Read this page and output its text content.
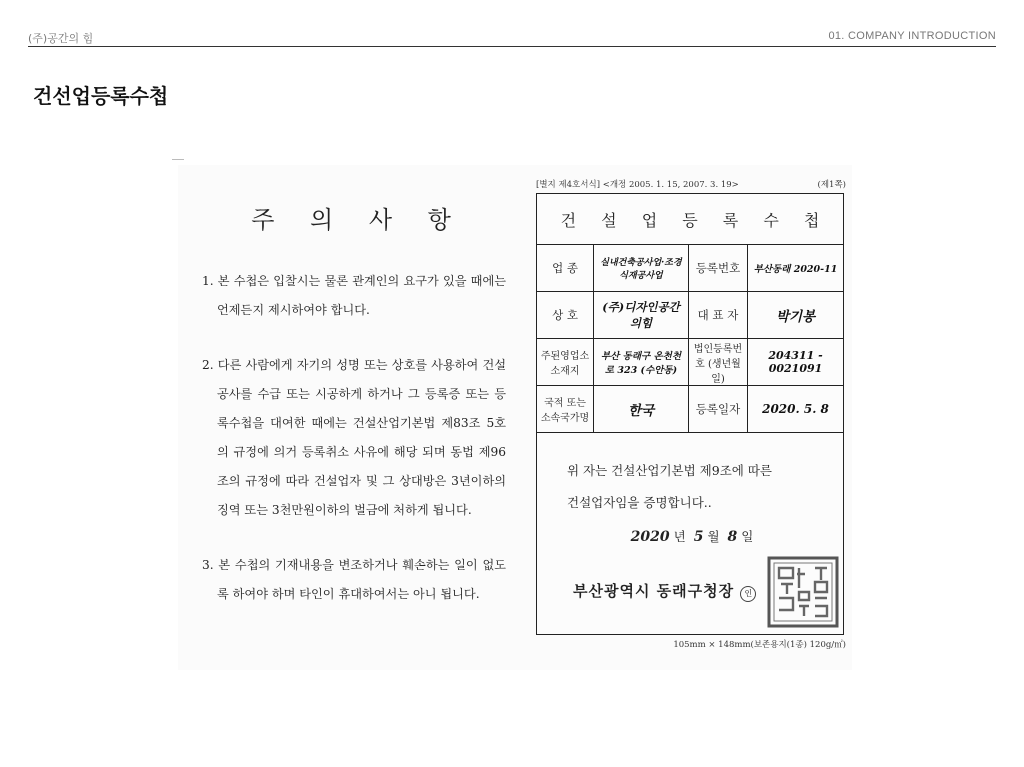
(주)공간의 힘	01. COMPANY INTRODUCTION
건선업등록수첩
주 의 사 항

1. 본 수첩은 입찰시는 물론 관계인의 요구가 있을 때에는 언제든지 제시하여야 합니다.

2. 다른 사람에게 자기의 성명 또는 상호를 사용하여 건설공사를 수급 또는 시공하게 하거나 그 등록증 또는 등록수첩을 대여한 때에는 건설산업기본법 제83조 5호의 규정에 의거 등록취소 사유에 해당 되며 동법 제96조의 규정에 따라 건설업자 및 그 상대방은 3년이하의 징역 또는 3천만원이하의 벌금에 처하게 됩니다.

3. 본 수첩의 기재내용을 변조하거나 훼손하는 일이 없도록 하여야 하며 타인이 휴대하여서는 아니 됩니다.

[별지 제4호서식] <개정 2005. 1. 15, 2007. 3. 19>	(제1쪽)
건 설 업 등 록 수 첩
업 종	실내건축공사업·조경식재공사업	등록번호	부산동래 2020-11
상 호	(주)디자인공간의힘	대 표 자	박기봉
주된영업소 소재지	부산 동래구 온천천로 323 (수안동)	법인등록번호 (생년월일)	204311 - 0021091
국적 또는 소속국가명	한국	등록일자	2020. 5. 8
위 자는 건설산업기본법 제9조에 따른
건설업자임을 증명합니다..
2020 년 5 월 8 일
부산광역시 동래구청장 인
105mm × 148mm(보존용지(1종) 120g/㎡)
